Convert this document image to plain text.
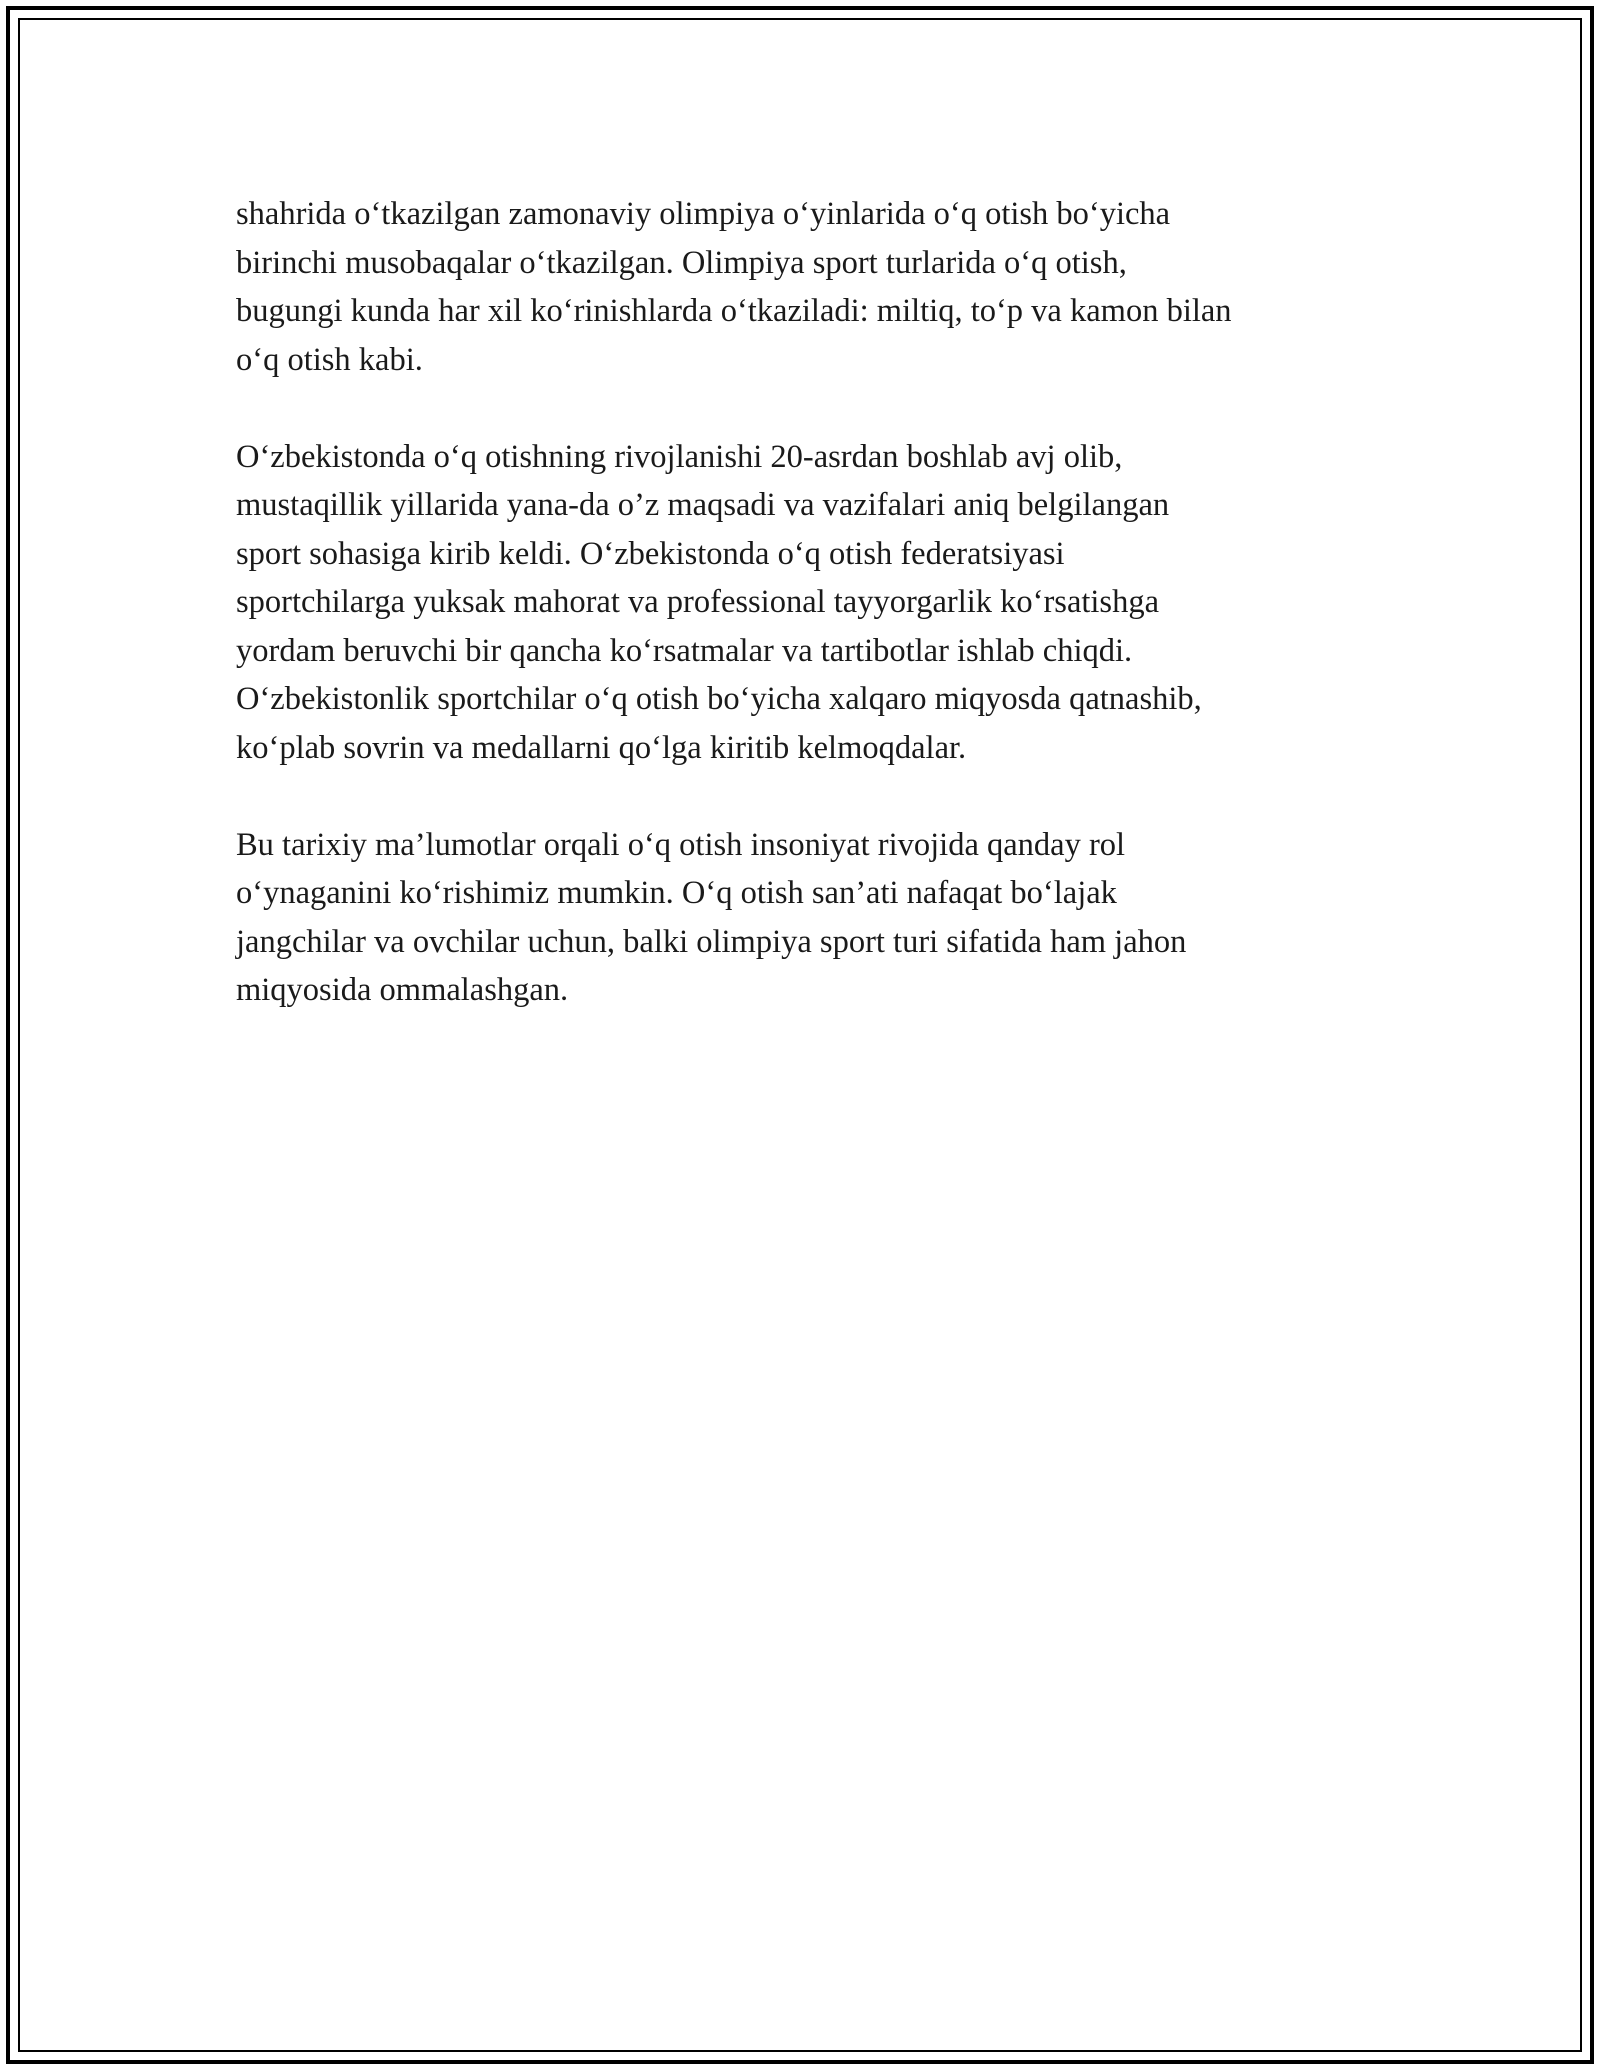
shahrida o‘tkazilgan zamonaviy olimpiya o‘yinlarida o‘q otish bo‘yicha
birinchi musobaqalar o‘tkazilgan. Olimpiya sport turlarida o‘q otish,
bugungi kunda har xil ko‘rinishlarda o‘tkaziladi: miltiq, to‘p va kamon bilan
o‘q otish kabi.

O‘zbekistonda o‘q otishning rivojlanishi 20-asrdan boshlab avj olib,
mustaqillik yillarida yana-da o’z maqsadi va vazifalari aniq belgilangan
sport sohasiga kirib keldi. O‘zbekistonda o‘q otish federatsiyasi
sportchilarga yuksak mahorat va professional tayyorgarlik ko‘rsatishga
yordam beruvchi bir qancha ko‘rsatmalar va tartibotlar ishlab chiqdi.
O‘zbekistonlik sportchilar o‘q otish bo‘yicha xalqaro miqyosda qatnashib,
ko‘plab sovrin va medallarni qo‘lga kiritib kelmoqdalar.

Bu tarixiy ma’lumotlar orqali o‘q otish insoniyat rivojida qanday rol
o‘ynaganini ko‘rishimiz mumkin. O‘q otish san’ati nafaqat bo‘lajak
jangchilar va ovchilar uchun, balki olimpiya sport turi sifatida ham jahon
miqyosida ommalashgan.
